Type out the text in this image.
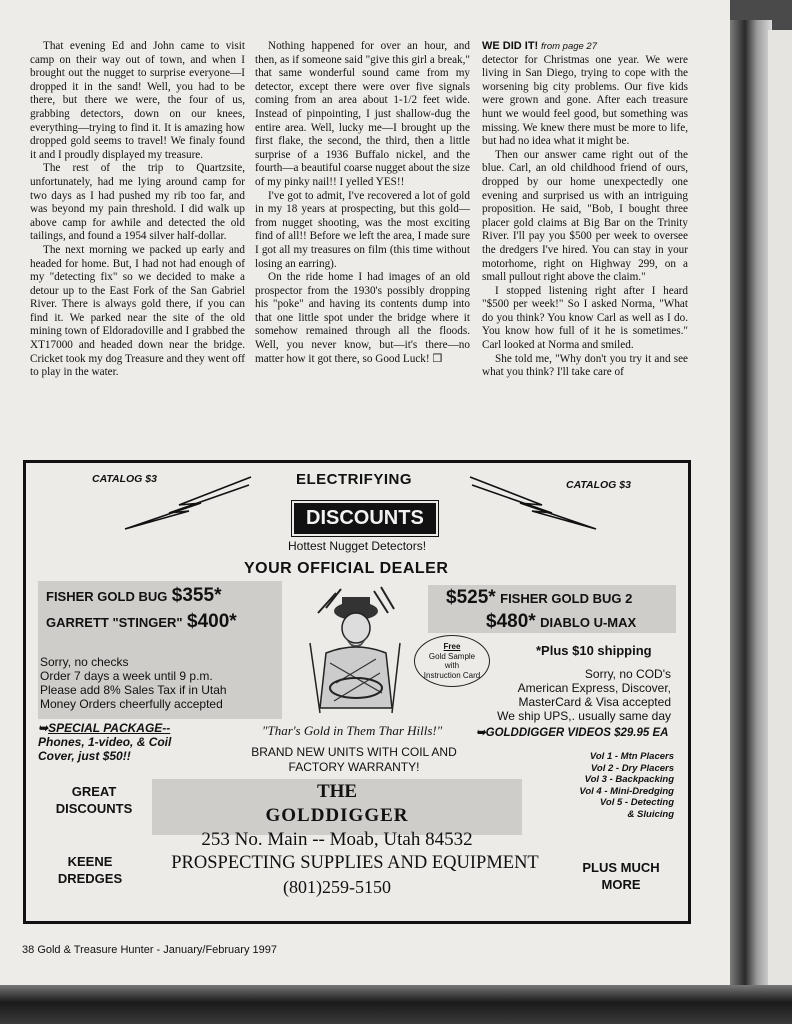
That evening Ed and John came to visit camp on their way out of town, and when I brought out the nugget to surprise everyone—I dropped it in the sand! Well, you had to be there, but there we were, the four of us, grabbing detectors, down on our knees, everything—trying to find it. It is amazing how dropped gold seems to travel! We finaly found it and I proudly displayed my treasure.

The rest of the trip to Quartzsite, unfortunately, had me lying around camp for two days as I had pushed my rib too far, and was beyond my pain threshold. I did walk up above camp for awhile and detected the old tailings, and found a 1954 silver half-dollar.

The next morning we packed up early and headed for home. But, I had not had enough of my "detecting fix" so we decided to make a detour up to the East Fork of the San Gabriel River. There is always gold there, if you can find it. We parked near the site of the old mining town of Eldoradoville and I grabbed the XT17000 and headed down near the bridge. Cricket took my dog Treasure and they went off to play in the water.

Nothing happened for over an hour, and then, as if someone said "give this girl a break," that same wonderful sound came from my detector, except there were over five signals coming from an area about 1-1/2 feet wide. Instead of pinpointing, I just shallow-dug the entire area. Well, lucky me—I brought up the first flake, the second, the third, then a little surprise of a 1936 Buffalo nickel, and the fourth—a beautiful coarse nugget about the size of my pinky nail!! I yelled YES!!

I've got to admit, I've recovered a lot of gold in my 18 years at prospecting, but this gold—from nugget shooting, was the most exciting find of all!! Before we left the area, I made sure I got all my treasures on film (this time without losing an earring).

On the ride home I had images of an old prospector from the 1930's possibly dropping his "poke" and having its contents dump into that one little spot under the bridge where it somehow remained through all the floods. Well, you never know, but—it's there—no matter how it got there, so Good Luck! ❒

WE DID IT! from page 27
detector for Christmas one year. We were living in San Diego, trying to cope with the worsening big city problems. Our five kids were grown and gone. After each treasure hunt we would feel good, but something was missing. We knew there must be more to life, but had no idea what it might be.

Then our answer came right out of the blue. Carl, an old childhood friend of ours, dropped by our home unexpectedly one evening and surprised us with an intriguing proposition. He said, "Bob, I bought three placer gold claims at Big Bar on the Trinity River. I'll pay you $500 per week to oversee the dredgers I've hired. You can stay in your motorhome, right on Highway 299, on a small pullout right above the claim."

I stopped listening right after I heard "$500 per week!" So I asked Norma, "What do you think? You know Carl as well as I do. You know how full of it he is sometimes." Carl looked at Norma and smiled.

She told me, "Why don't you try it and see what you think? I'll take care of

CATALOG $3	CATALOG $3
ELECTRIFYING
DISCOUNTS
Hottest Nugget Detectors!
YOUR OFFICIAL DEALER
FISHER GOLD BUG $355*
GARRETT "STINGER" $400*
Sorry, no checks
Order 7 days a week until 9 p.m.
Please add 8% Sales Tax if in Utah
Money Orders cheerfully accepted
Free
Gold Sample
with
Instruction Card
$525* FISHER GOLD BUG 2
$480* DIABLO U-MAX
*Plus $10 shipping
Sorry, no COD's
American Express, Discover,
MasterCard & Visa accepted
We ship UPS,. usually same day
➥SPECIAL PACKAGE--
Phones, 1-video, & Coil
Cover, just $50!!
"Thar's Gold in Them Thar Hills!"	➥GOLDDIGGER VIDEOS $29.95 EA
BRAND NEW UNITS WITH COIL AND
FACTORY WARRANTY!
Vol 1 - Mtn Placers
Vol 2 - Dry Placers
Vol 3 - Backpacking
Vol 4 - Mini-Dredging
Vol 5 - Detecting
& Sluicing
GREAT
DISCOUNTS
THE
GOLDDIGGER
253 No. Main -- Moab, Utah 84532
KEENE
DREDGES
PROSPECTING SUPPLIES AND EQUIPMENT
(801)259-5150
PLUS MUCH
MORE
38 Gold & Treasure Hunter - January/February 1997
